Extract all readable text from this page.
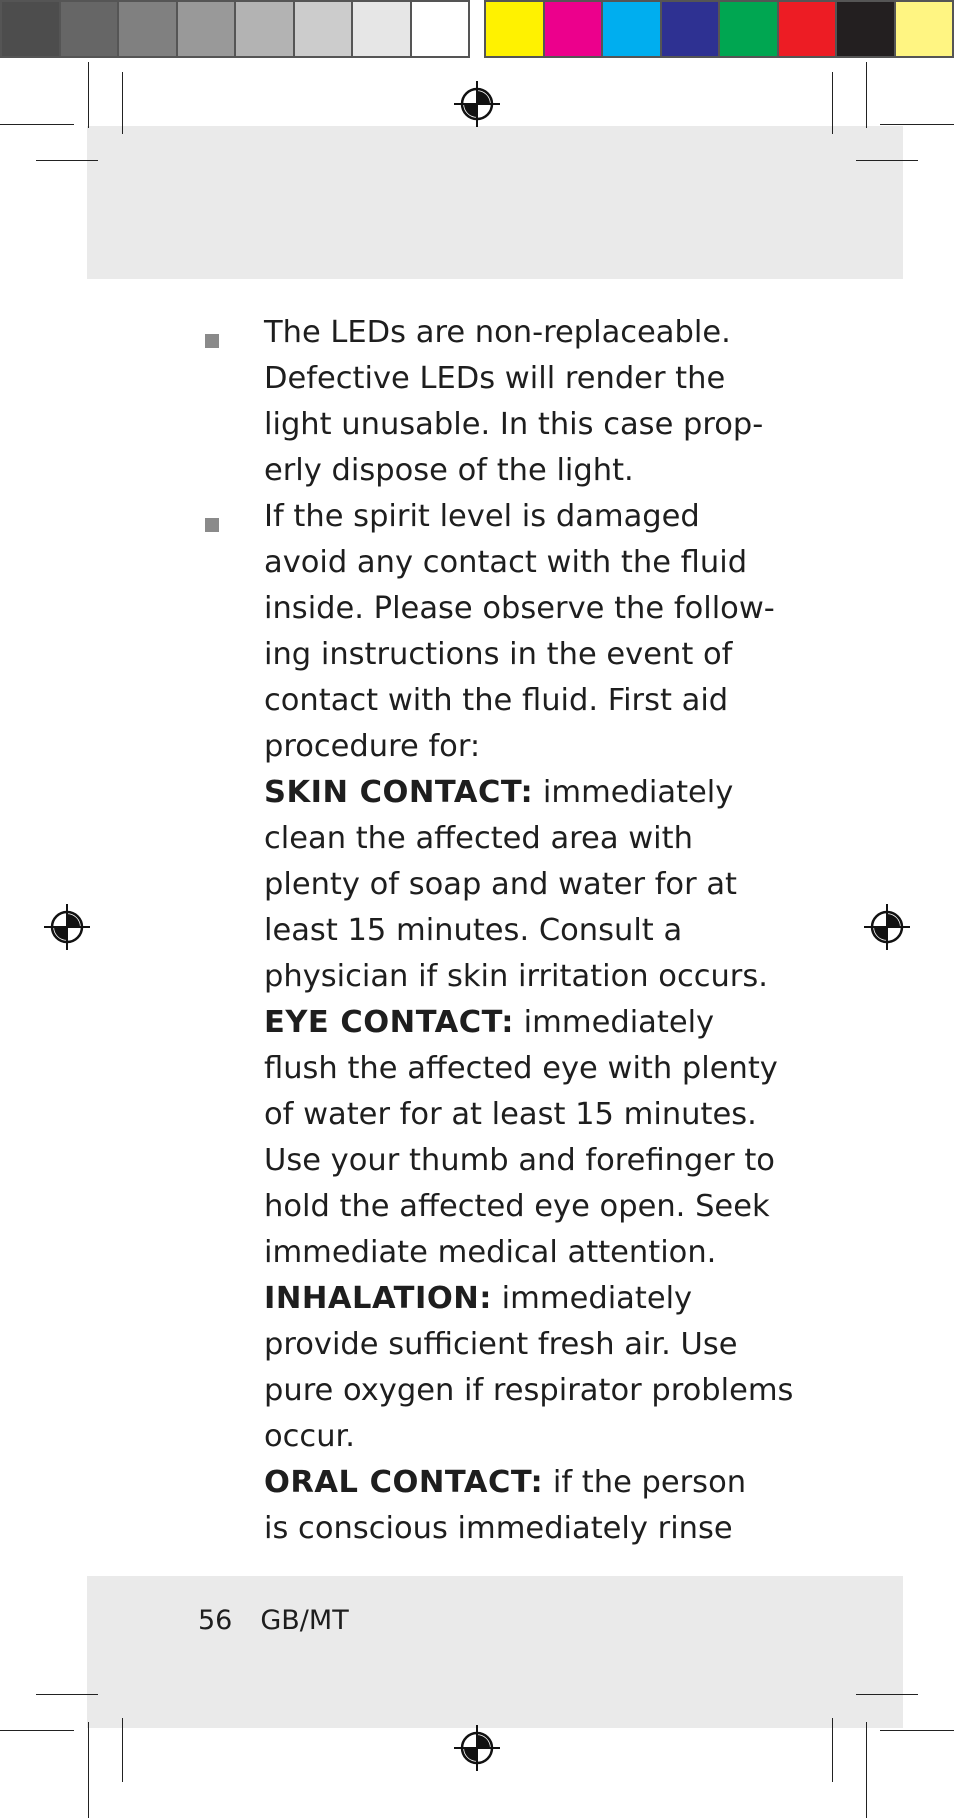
The LEDs are non-replaceable.
Defective LEDs will render the
light unusable. In this case prop-
erly dispose of the light.
If the spirit level is damaged
avoid any contact with the fluid
inside. Please observe the follow-
ing instructions in the event of
contact with the fluid. First aid
procedure for:
SKIN CONTACT: immediately
clean the affected area with
plenty of soap and water for at
least 15 minutes. Consult a
physician if skin irritation occurs.
EYE CONTACT: immediately
flush the affected eye with plenty
of water for at least 15 minutes.
Use your thumb and forefinger to
hold the affected eye open. Seek
immediate medical attention.
INHALATION: immediately
provide sufficient fresh air. Use
pure oxygen if respirator problems
occur.
ORAL CONTACT: if the person
is conscious immediately rinse
56 GB/MT
